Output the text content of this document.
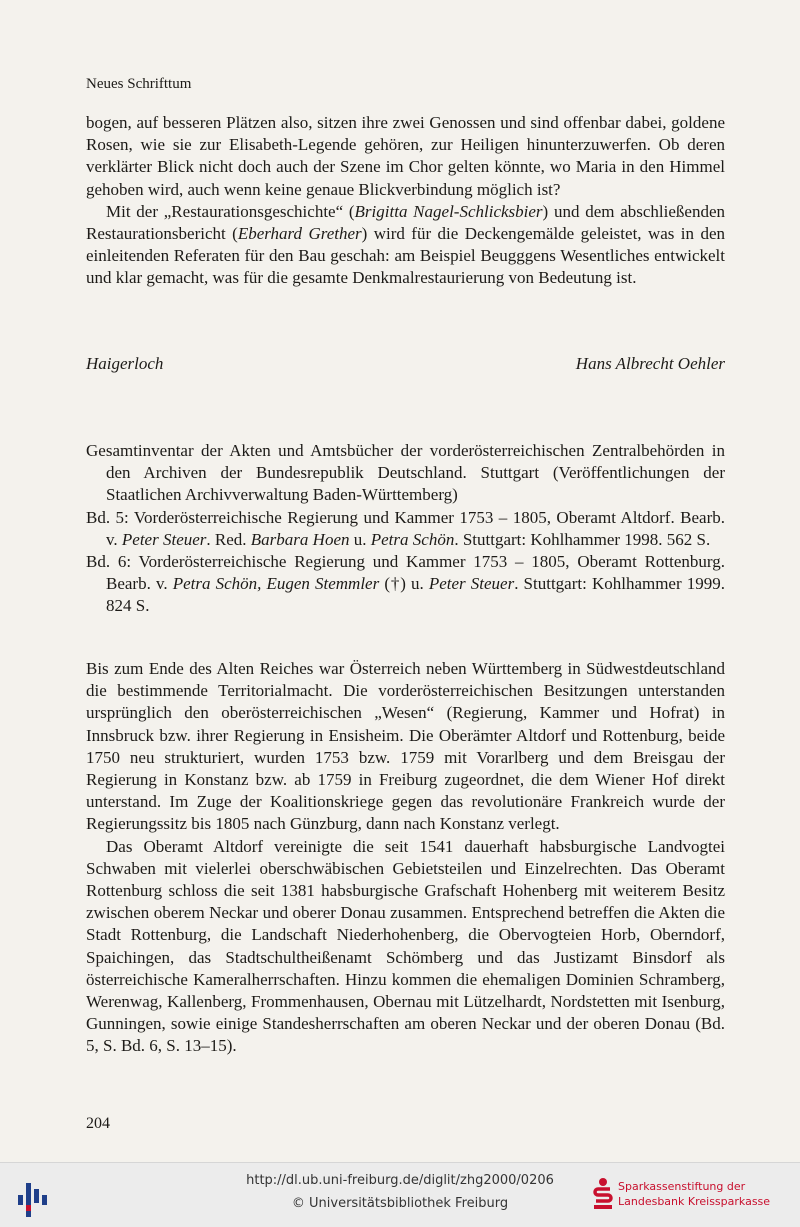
Neues Schrifttum

bogen, auf besseren Plätzen also, sitzen ihre zwei Genossen und sind offenbar dabei, goldene Rosen, wie sie zur Elisabeth-Legende gehören, zur Heiligen hinunterzuwerfen. Ob deren verklärter Blick nicht doch auch der Szene im Chor gelten könnte, wo Maria in den Himmel gehoben wird, auch wenn keine genaue Blickverbindung möglich ist?

Mit der „Restaurationsgeschichte“ (Brigitta Nagel-Schlicksbier) und dem abschließenden Restaurationsbericht (Eberhard Grether) wird für die Deckengemälde geleistet, was in den einleitenden Referaten für den Bau geschah: am Beispiel Beugggens Wesentliches entwickelt und klar gemacht, was für die gesamte Denkmalrestaurierung von Bedeutung ist.

Haigerloch	Hans Albrecht Oehler

Gesamtinventar der Akten und Amtsbücher der vorderösterreichischen Zentralbehörden in den Archiven der Bundesrepublik Deutschland. Stuttgart (Veröffentlichungen der Staatlichen Archivverwaltung Baden-Württemberg)

Bd. 5: Vorderösterreichische Regierung und Kammer 1753 – 1805, Oberamt Altdorf. Bearb. v. Peter Steuer. Red. Barbara Hoen u. Petra Schön. Stuttgart: Kohlhammer 1998. 562 S.

Bd. 6: Vorderösterreichische Regierung und Kammer 1753 – 1805, Oberamt Rottenburg. Bearb. v. Petra Schön, Eugen Stemmler (†) u. Peter Steuer. Stuttgart: Kohlhammer 1999. 824 S.

Bis zum Ende des Alten Reiches war Österreich neben Württemberg in Südwestdeutschland die bestimmende Territorialmacht. Die vorderösterreichischen Besitzungen unterstanden ursprünglich den oberösterreichischen „Wesen“ (Regierung, Kammer und Hofrat) in Innsbruck bzw. ihrer Regierung in Ensisheim. Die Oberämter Altdorf und Rottenburg, beide 1750 neu strukturiert, wurden 1753 bzw. 1759 mit Vorarlberg und dem Breisgau der Regierung in Konstanz bzw. ab 1759 in Freiburg zugeordnet, die dem Wiener Hof direkt unterstand. Im Zuge der Koalitionskriege gegen das revolutionäre Frankreich wurde der Regierungssitz bis 1805 nach Günzburg, dann nach Konstanz verlegt.

Das Oberamt Altdorf vereinigte die seit 1541 dauerhaft habsburgische Landvogtei Schwaben mit vielerlei oberschwäbischen Gebietsteilen und Einzelrechten. Das Oberamt Rottenburg schloss die seit 1381 habsburgische Grafschaft Hohenberg mit weiterem Besitz zwischen oberem Neckar und oberer Donau zusammen. Entsprechend betreffen die Akten die Stadt Rottenburg, die Landschaft Niederhohenberg, die Obervogteien Horb, Oberndorf, Spaichingen, das Stadtschultheißenamt Schömberg und das Justizamt Binsdorf als österreichische Kameralherrschaften. Hinzu kommen die ehemaligen Dominien Schramberg, Werenwag, Kallenberg, Frommenhausen, Obernau mit Lützelhardt, Nordstetten mit Isenburg, Gunningen, sowie einige Standesherrschaften am oberen Neckar und der oberen Donau (Bd. 5, S. Bd. 6, S. 13–15).

204
http://dl.ub.uni-freiburg.de/diglit/zhg2000/0206
© Universitätsbibliothek Freiburg
Sparkassenstiftung der
Landesbank Kreissparkasse
